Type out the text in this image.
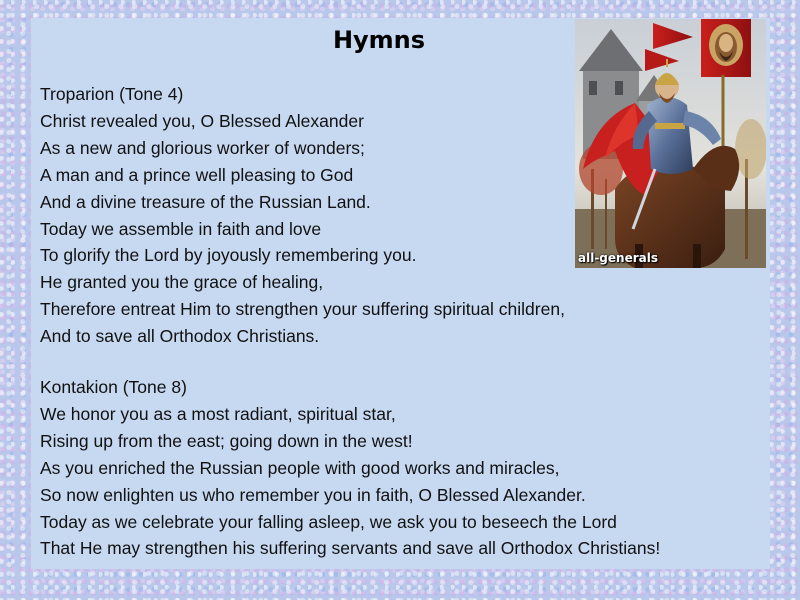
Hymns
Troparion (Tone 4)
Christ revealed you, O Blessed Alexander
As a new and glorious worker of wonders;
A man and a prince well pleasing to God
And a divine treasure of the Russian Land.
Today we assemble in faith and love
To glorify the Lord by joyously remembering you.
He granted you the grace of healing,
Therefore entreat Him to strengthen your suffering spiritual children,
And to save all Orthodox Christians.
Kontakion (Tone 8)
We honor you as a most radiant, spiritual star,
Rising up from the east; going down in the west!
As you enriched the Russian people with good works and miracles,
So now enlighten us who remember you in faith, O Blessed Alexander.
Today as we celebrate your falling asleep, we ask you to beseech the Lord
That He may strengthen his suffering servants and save all Orthodox Christians!
all-generals
